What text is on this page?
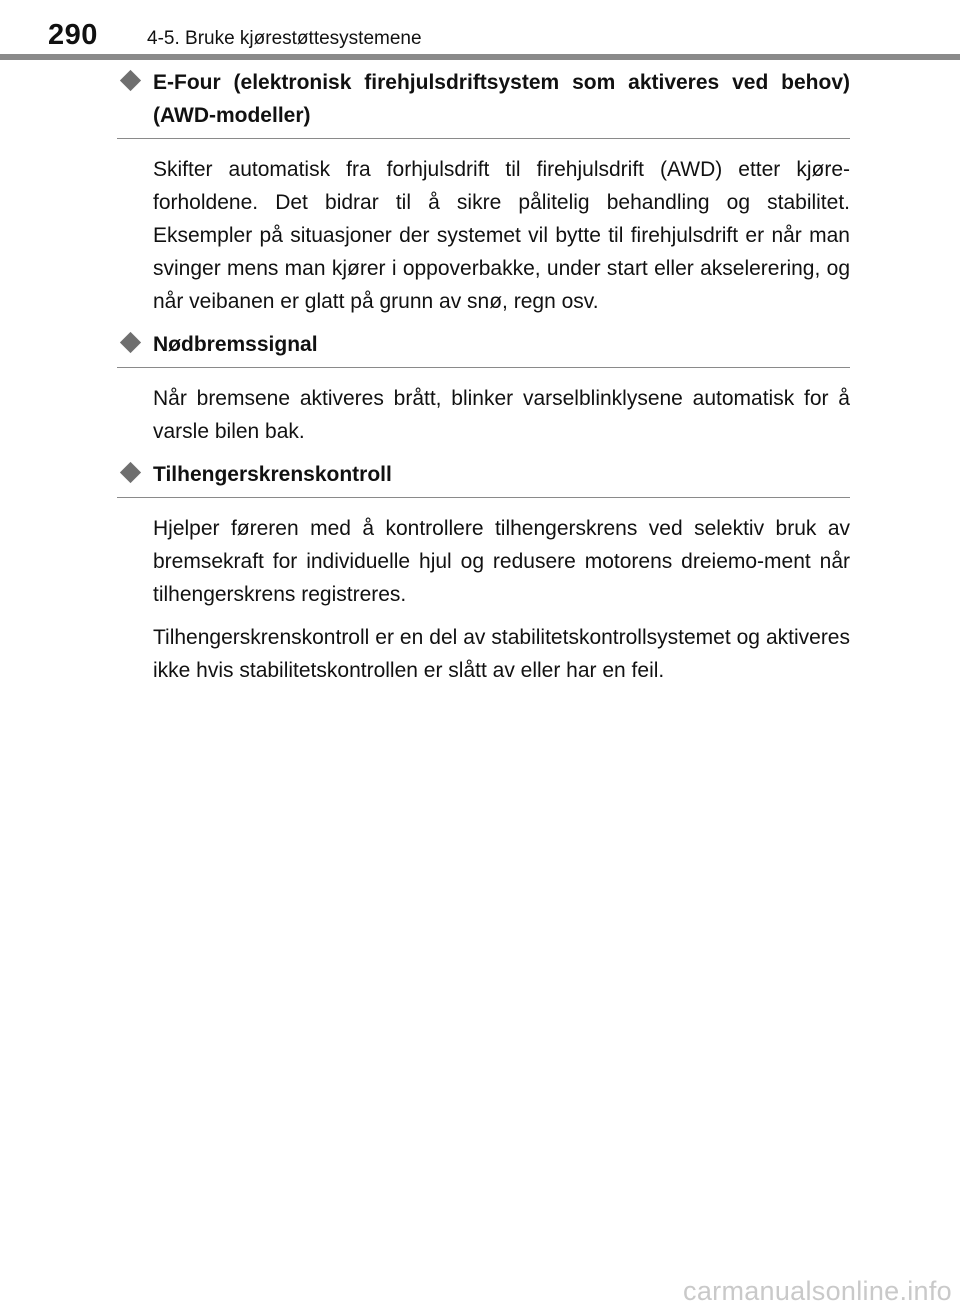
290	4-5. Bruke kjørestøttesystemene
E-Four (elektronisk firehjulsdriftsystem som aktiveres ved behov) (AWD-modeller)

Skifter automatisk fra forhjulsdrift til firehjulsdrift (AWD) etter kjøre-forholdene. Det bidrar til å sikre pålitelig behandling og stabilitet. Eksempler på situasjoner der systemet vil bytte til firehjulsdrift er når man svinger mens man kjører i oppoverbakke, under start eller akselerering, og når veibanen er glatt på grunn av snø, regn osv.

Nødbremssignal

Når bremsene aktiveres brått, blinker varselblinklysene automatisk for å varsle bilen bak.

Tilhengerskrenskontroll

Hjelper føreren med å kontrollere tilhengerskrens ved selektiv bruk av bremsekraft for individuelle hjul og redusere motorens dreiemo-ment når tilhengerskrens registreres.

Tilhengerskrenskontroll er en del av stabilitetskontrollsystemet og aktiveres ikke hvis stabilitetskontrollen er slått av eller har en feil.

carmanualsonline.info
